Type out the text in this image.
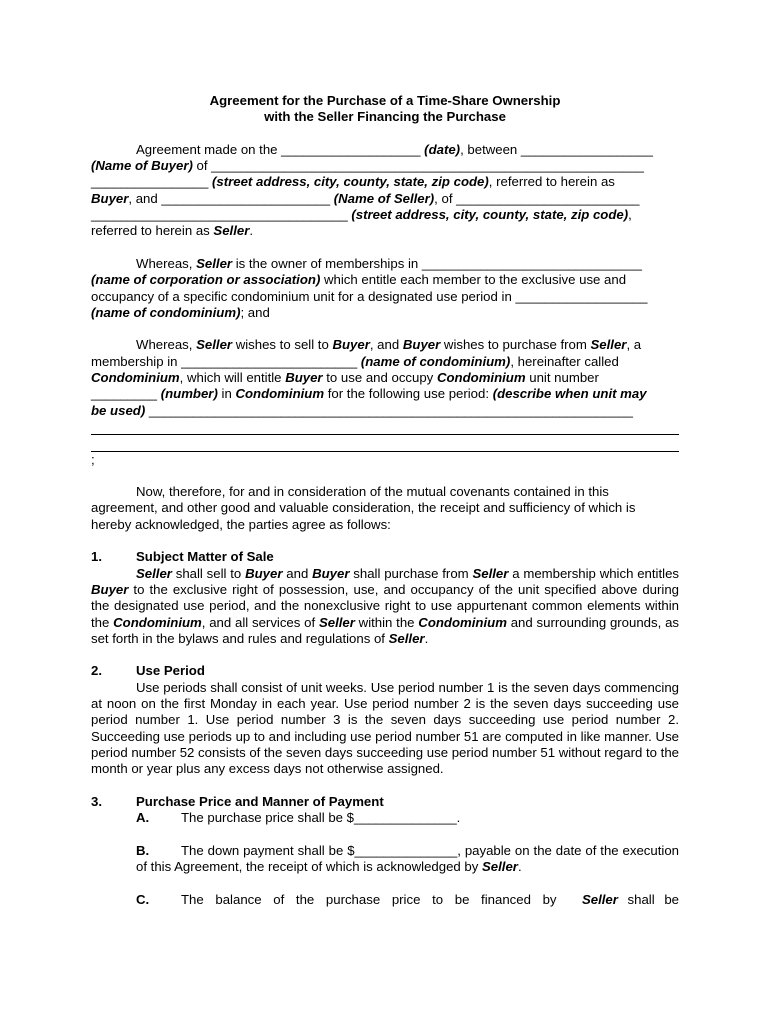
Agreement for the Purchase of a Time-Share Ownership

with the Seller Financing the Purchase

Agreement made on the ___________________ (date), between __________________

(Name of Buyer) of ___________________________________________________________

________________ (street address, city, county, state, zip code), referred to herein as

Buyer, and _______________________ (Name of Seller), of _________________________

___________________________________ (street address, city, county, state, zip code),

referred to herein as Seller.

Whereas, Seller is the owner of memberships in ______________________________

(name of corporation or association) which entitle each member to the exclusive use and

occupancy of a specific condominium unit for a designated use period in __________________

(name of condominium); and

Whereas, Seller wishes to sell to Buyer, and Buyer wishes to purchase from Seller, a

membership in ________________________ (name of condominium), hereinafter called

Condominium, which will entitle Buyer to use and occupy Condominium unit number

_________ (number) in Condominium for the following use period: (describe when unit may

be used) __________________________________________________________________

;

Now, therefore, for and in consideration of the mutual covenants contained in this agreement, and other good and valuable consideration, the receipt and sufficiency of which is hereby acknowledged, the parties agree as follows:

1.	Subject Matter of Sale

Seller shall sell to Buyer and Buyer shall purchase from Seller a membership which entitles Buyer to the exclusive right of possession, use, and occupancy of the unit specified above during the designated use period, and the nonexclusive right to use appurtenant common elements within the Condominium, and all services of Seller within the Condominium and surrounding grounds, as set forth in the bylaws and rules and regulations of Seller.

2.	Use Period

Use periods shall consist of unit weeks. Use period number 1 is the seven days commencing at noon on the first Monday in each year. Use period number 2 is the seven days succeeding use period number 1. Use period number 3 is the seven days succeeding use period number 2. Succeeding use periods up to and including use period number 51 are computed in like manner. Use period number 52 consists of the seven days succeeding use period number 51 without regard to the month or year plus any excess days not otherwise assigned.

3.	Purchase Price and Manner of Payment
A.	The purchase price shall be $______________.

B. The down payment shall be $______________, payable on the date of the execution of this Agreement, the receipt of which is acknowledged by Seller.

C.	The balance of the purchase price to be financed by Seller shall be
